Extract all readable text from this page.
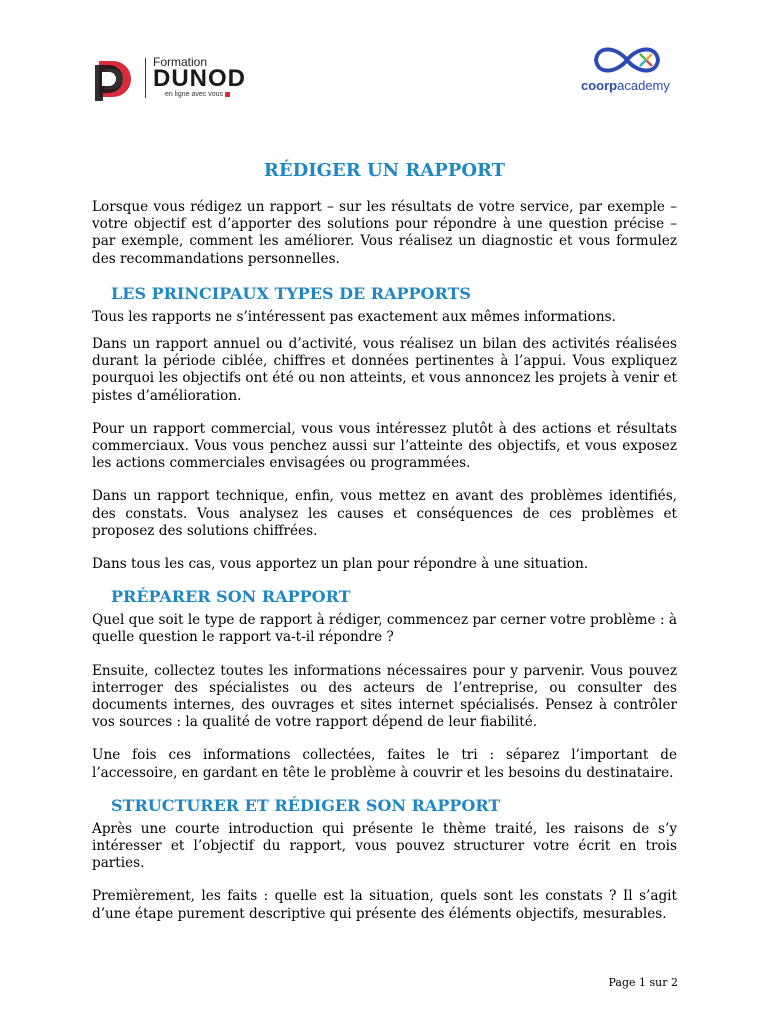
Formation
DUNOD
en ligne avec vous
coorpacademy
RÉDIGER UN RAPPORT

Lorsque vous rédigez un rapport – sur les résultats de votre service, par exemple – votre objectif est d’apporter des solutions pour répondre à une question précise – par exemple, comment les améliorer. Vous réalisez un diagnostic et vous formulez des recommandations personnelles.

LES PRINCIPAUX TYPES DE RAPPORTS

Tous les rapports ne s’intéressent pas exactement aux mêmes informations.

Dans un rapport annuel ou d’activité, vous réalisez un bilan des activités réalisées durant la période ciblée, chiffres et données pertinentes à l’appui. Vous expliquez pourquoi les objectifs ont été ou non atteints, et vous annoncez les projets à venir et pistes d’amélioration.

Pour un rapport commercial, vous vous intéressez plutôt à des actions et résultats commerciaux. Vous vous penchez aussi sur l’atteinte des objectifs, et vous exposez les actions commerciales envisagées ou programmées.

Dans un rapport technique, enfin, vous mettez en avant des problèmes identifiés, des constats. Vous analysez les causes et conséquences de ces problèmes et proposez des solutions chiffrées.

Dans tous les cas, vous apportez un plan pour répondre à une situation.

PRÉPARER SON RAPPORT

Quel que soit le type de rapport à rédiger, commencez par cerner votre problème : à quelle question le rapport va-t-il répondre ?

Ensuite, collectez toutes les informations nécessaires pour y parvenir. Vous pouvez interroger des spécialistes ou des acteurs de l’entreprise, ou consulter des documents internes, des ouvrages et sites internet spécialisés. Pensez à contrôler vos sources : la qualité de votre rapport dépend de leur fiabilité.

Une fois ces informations collectées, faites le tri : séparez l’important de l’accessoire, en gardant en tête le problème à couvrir et les besoins du destinataire.

STRUCTURER ET RÉDIGER SON RAPPORT

Après une courte introduction qui présente le thème traité, les raisons de s’y intéresser et l’objectif du rapport, vous pouvez structurer votre écrit en trois parties.

Premièrement, les faits : quelle est la situation, quels sont les constats ? Il s’agit d’une étape purement descriptive qui présente des éléments objectifs, mesurables.

Page 1 sur 2
